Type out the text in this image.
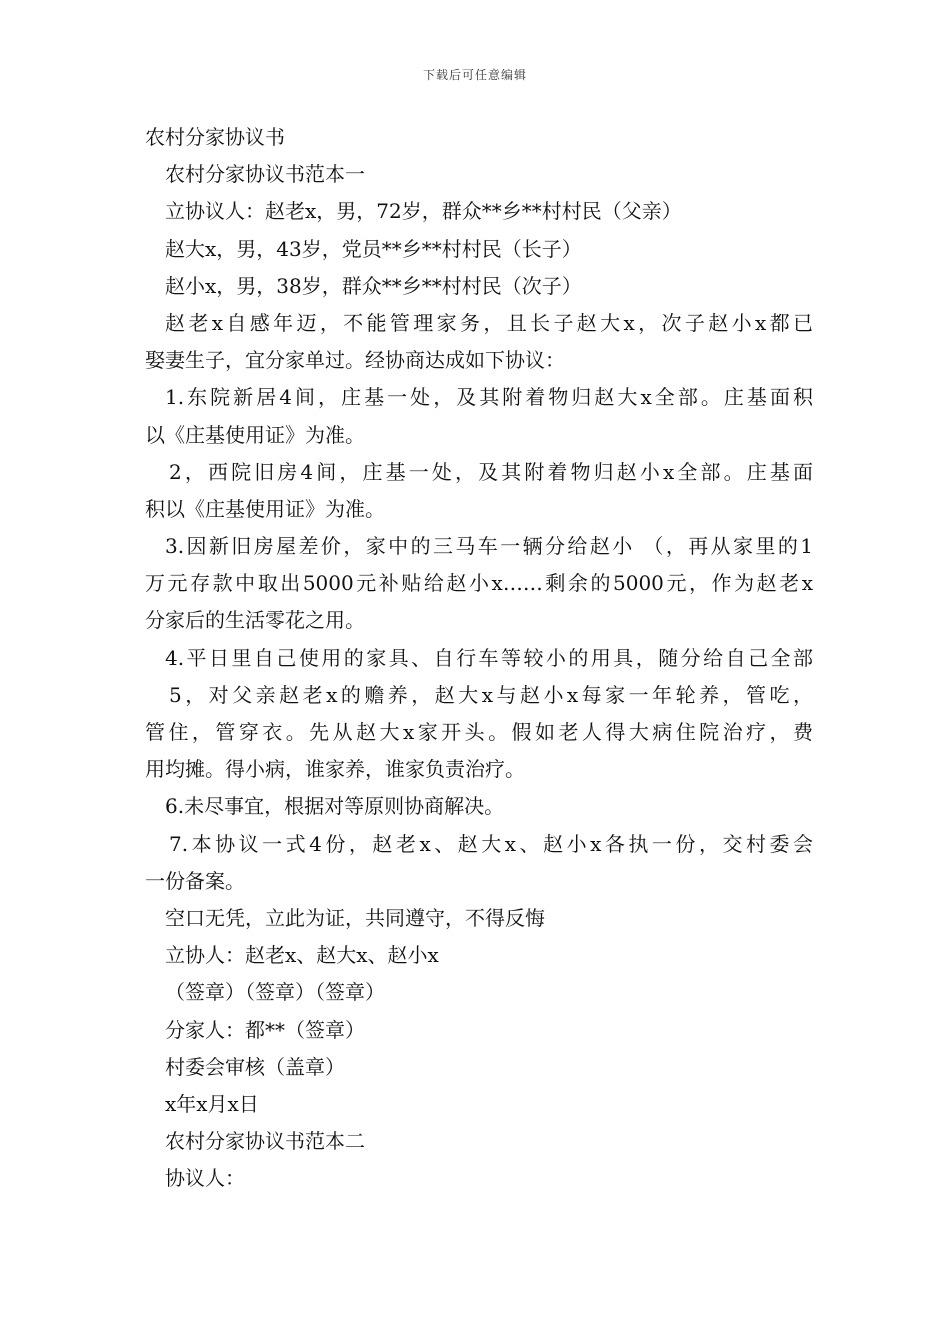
下载后可任意编辑
农村分家协议书
农村分家协议书范本一
立协议人：赵老x，男，72岁，群众**乡**村村民（父亲）
赵大x，男，43岁，党员**乡**村村民（长子）
赵小x，男，38岁，群众**乡**村村民（次子）
赵老x自感年迈，不能管理家务，且长子赵大x，次子赵小x都已
娶妻生子，宜分家单过。经协商达成如下协议：
1.东院新居4间，庄基一处，及其附着物归赵大x全部。庄基面积
以《庄基使用证》为准。
2，西院旧房4间，庄基一处，及其附着物归赵小x全部。庄基面
积以《庄基使用证》为准。
3.因新旧房屋差价，家中的三马车一辆分给赵小 （，再从家里的1
万元存款中取出5000元补贴给赵小x……剩余的5000元，作为赵老x
分家后的生活零花之用。
4.平日里自己使用的家具、自行车等较小的用具，随分给自己全部
5，对父亲赵老x的赡养，赵大x与赵小x每家一年轮养，管吃，
管住，管穿衣。先从赵大x家开头。假如老人得大病住院治疗，费
用均摊。得小病，谁家养，谁家负责治疗。
6.未尽事宜，根据对等原则协商解决。
7.本协议一式4份，赵老x、赵大x、赵小x各执一份，交村委会
一份备案。
空口无凭，立此为证，共同遵守，不得反悔
立协人：赵老x、赵大x、赵小x
（签章）（签章）（签章）
分家人：都**（签章）
村委会审核（盖章）
x年x月x日
农村分家协议书范本二
协议人：
